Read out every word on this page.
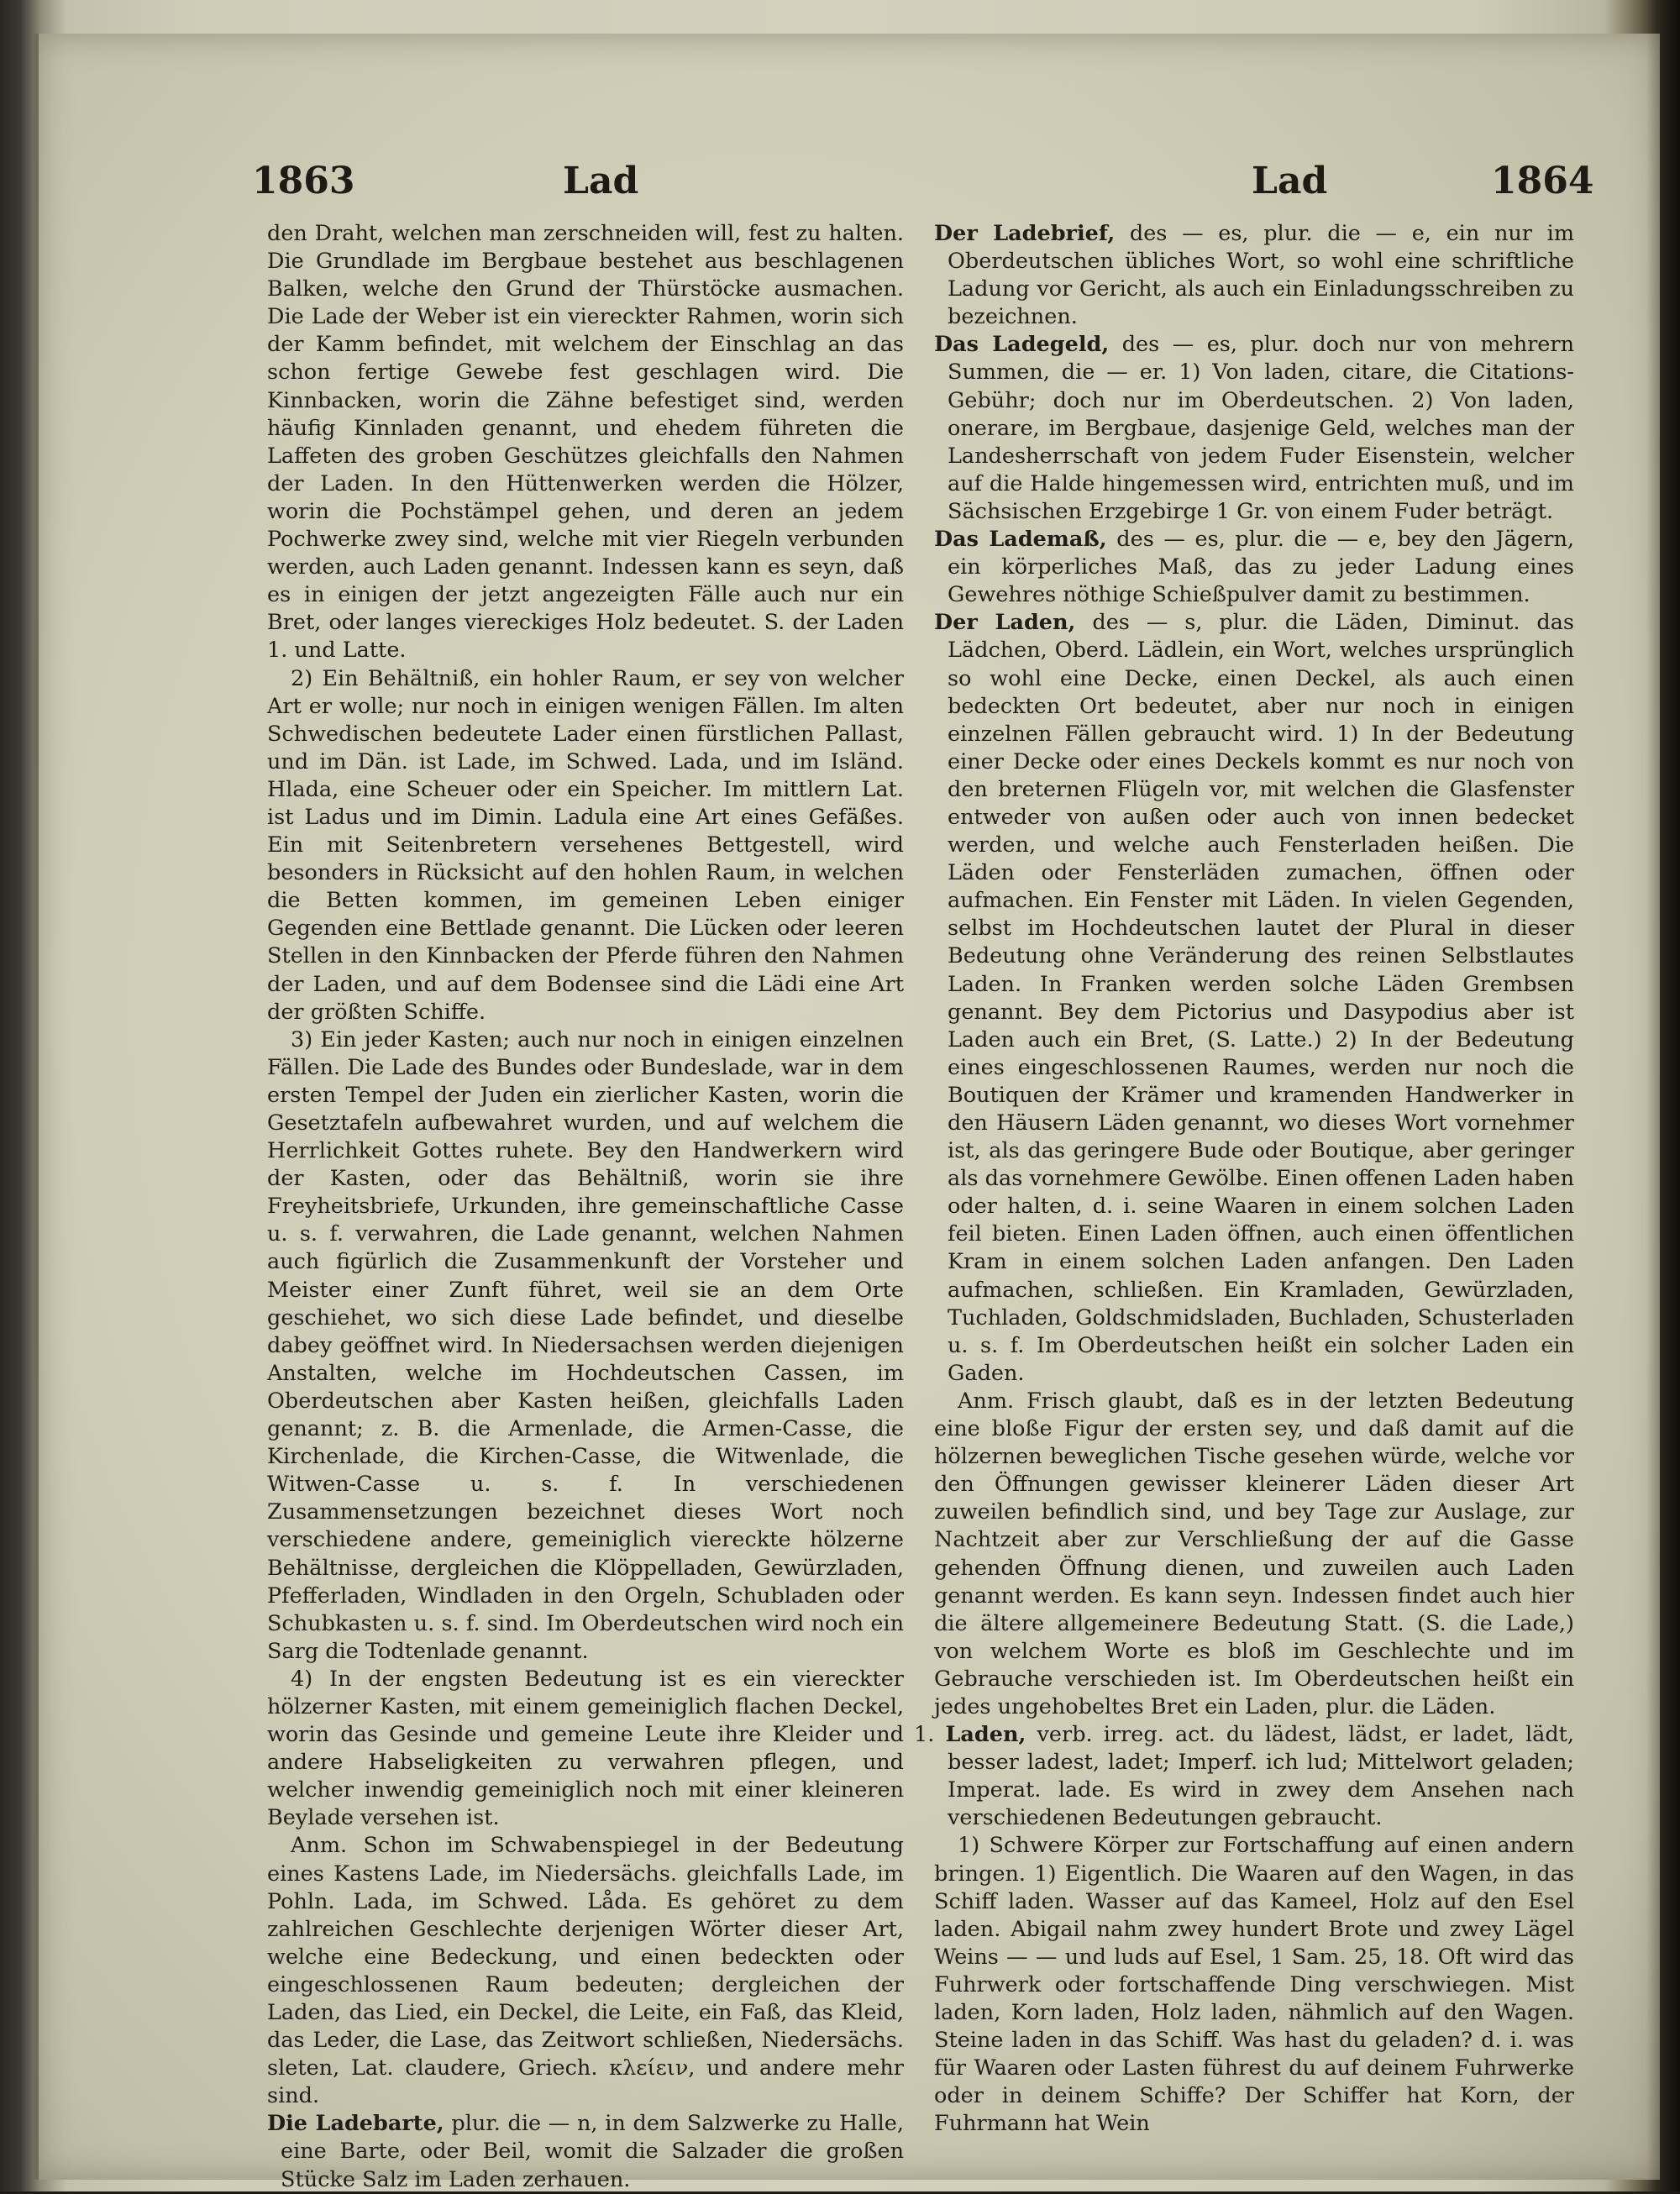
1863	Lad	Lad	1864

den Draht, welchen man zerschneiden will, fest zu halten. Die Grundlade im Bergbaue bestehet aus beschlagenen Balken, welche den Grund der Thürstöcke ausmachen. Die Lade der Weber ist ein viereckter Rahmen, worin sich der Kamm befindet, mit welchem der Einschlag an das schon fertige Gewebe fest geschlagen wird. Die Kinnbacken, worin die Zähne befestiget sind, werden häufig Kinnladen genannt, und ehedem führeten die Laffeten des groben Geschützes gleichfalls den Nahmen der Laden. In den Hüttenwerken werden die Hölzer, worin die Pochstämpel gehen, und deren an jedem Pochwerke zwey sind, welche mit vier Riegeln verbunden werden, auch Laden genannt. Indessen kann es seyn, daß es in einigen der jetzt angezeigten Fälle auch nur ein Bret, oder langes viereckiges Holz bedeutet. S. der Laden 1. und Latte.

2) Ein Behältniß, ein hohler Raum, er sey von welcher Art er wolle; nur noch in einigen wenigen Fällen. Im alten Schwedischen bedeutete Lader einen fürstlichen Pallast, und im Dän. ist Lade, im Schwed. Lada, und im Isländ. Hlada, eine Scheuer oder ein Speicher. Im mittlern Lat. ist Ladus und im Dimin. Ladula eine Art eines Gefäßes. Ein mit Seitenbretern versehenes Bettgestell, wird besonders in Rücksicht auf den hohlen Raum, in welchen die Betten kommen, im gemeinen Leben einiger Gegenden eine Bettlade genannt. Die Lücken oder leeren Stellen in den Kinnbacken der Pferde führen den Nahmen der Laden, und auf dem Bodensee sind die Lädi eine Art der größten Schiffe.

3) Ein jeder Kasten; auch nur noch in einigen einzelnen Fällen. Die Lade des Bundes oder Bundeslade, war in dem ersten Tempel der Juden ein zierlicher Kasten, worin die Gesetztafeln aufbewahret wurden, und auf welchem die Herrlichkeit Gottes ruhete. Bey den Handwerkern wird der Kasten, oder das Behältniß, worin sie ihre Freyheitsbriefe, Urkunden, ihre gemeinschaftliche Casse u. s. f. verwahren, die Lade genannt, welchen Nahmen auch figürlich die Zusammenkunft der Vorsteher und Meister einer Zunft führet, weil sie an dem Orte geschiehet, wo sich diese Lade befindet, und dieselbe dabey geöffnet wird. In Niedersachsen werden diejenigen Anstalten, welche im Hochdeutschen Cassen, im Oberdeutschen aber Kasten heißen, gleichfalls Laden genannt; z. B. die Armenlade, die Armen-Casse, die Kirchenlade, die Kirchen-Casse, die Witwenlade, die Witwen-Casse u. s. f. In verschiedenen Zusammensetzungen bezeichnet dieses Wort noch verschiedene andere, gemeiniglich viereckte hölzerne Behältnisse, dergleichen die Klöppelladen, Gewürzladen, Pfefferladen, Windladen in den Orgeln, Schubladen oder Schubkasten u. s. f. sind. Im Oberdeutschen wird noch ein Sarg die Todtenlade genannt.

4) In der engsten Bedeutung ist es ein viereckter hölzerner Kasten, mit einem gemeiniglich flachen Deckel, worin das Gesinde und gemeine Leute ihre Kleider und andere Habseligkeiten zu verwahren pflegen, und welcher inwendig gemeiniglich noch mit einer kleineren Beylade versehen ist.

Anm. Schon im Schwabenspiegel in der Bedeutung eines Kastens Lade, im Niedersächs. gleichfalls Lade, im Pohln. Lada, im Schwed. Låda. Es gehöret zu dem zahlreichen Geschlechte derjenigen Wörter dieser Art, welche eine Bedeckung, und einen bedeckten oder eingeschlossenen Raum bedeuten; dergleichen der Laden, das Lied, ein Deckel, die Leite, ein Faß, das Kleid, das Leder, die Lase, das Zeitwort schließen, Niedersächs. sleten, Lat. claudere, Griech. κλείειν, und andere mehr sind.

Die Ladebarte, plur. die — n, in dem Salzwerke zu Halle, eine Barte, oder Beil, womit die Salzader die großen Stücke Salz im Laden zerhauen.

Der Ladebrief, des — es, plur. die — e, ein nur im Oberdeutschen übliches Wort, so wohl eine schriftliche Ladung vor Gericht, als auch ein Einladungsschreiben zu bezeichnen.

Das Ladegeld, des — es, plur. doch nur von mehrern Summen, die — er. 1) Von laden, citare, die Citations-Gebühr; doch nur im Oberdeutschen. 2) Von laden, onerare, im Bergbaue, dasjenige Geld, welches man der Landesherrschaft von jedem Fuder Eisenstein, welcher auf die Halde hingemessen wird, entrichten muß, und im Sächsischen Erzgebirge 1 Gr. von einem Fuder beträgt.

Das Lademaß, des — es, plur. die — e, bey den Jägern, ein körperliches Maß, das zu jeder Ladung eines Gewehres nöthige Schießpulver damit zu bestimmen.

Der Laden, des — s, plur. die Läden, Diminut. das Lädchen, Oberd. Lädlein, ein Wort, welches ursprünglich so wohl eine Decke, einen Deckel, als auch einen bedeckten Ort bedeutet, aber nur noch in einigen einzelnen Fällen gebraucht wird. 1) In der Bedeutung einer Decke oder eines Deckels kommt es nur noch von den breternen Flügeln vor, mit welchen die Glasfenster entweder von außen oder auch von innen bedecket werden, und welche auch Fensterladen heißen. Die Läden oder Fensterläden zumachen, öffnen oder aufmachen. Ein Fenster mit Läden. In vielen Gegenden, selbst im Hochdeutschen lautet der Plural in dieser Bedeutung ohne Veränderung des reinen Selbstlautes Laden. In Franken werden solche Läden Grembsen genannt. Bey dem Pictorius und Dasypodius aber ist Laden auch ein Bret, (S. Latte.) 2) In der Bedeutung eines eingeschlossenen Raumes, werden nur noch die Boutiquen der Krämer und kramenden Handwerker in den Häusern Läden genannt, wo dieses Wort vornehmer ist, als das geringere Bude oder Boutique, aber geringer als das vornehmere Gewölbe. Einen offenen Laden haben oder halten, d. i. seine Waaren in einem solchen Laden feil bieten. Einen Laden öffnen, auch einen öffentlichen Kram in einem solchen Laden anfangen. Den Laden aufmachen, schließen. Ein Kramladen, Gewürzladen, Tuchladen, Goldschmidsladen, Buchladen, Schusterladen u. s. f. Im Oberdeutschen heißt ein solcher Laden ein Gaden.

Anm. Frisch glaubt, daß es in der letzten Bedeutung eine bloße Figur der ersten sey, und daß damit auf die hölzernen beweglichen Tische gesehen würde, welche vor den Öffnungen gewisser kleinerer Läden dieser Art zuweilen befindlich sind, und bey Tage zur Auslage, zur Nachtzeit aber zur Verschließung der auf die Gasse gehenden Öffnung dienen, und zuweilen auch Laden genannt werden. Es kann seyn. Indessen findet auch hier die ältere allgemeinere Bedeutung Statt. (S. die Lade,) von welchem Worte es bloß im Geschlechte und im Gebrauche verschieden ist. Im Oberdeutschen heißt ein jedes ungehobeltes Bret ein Laden, plur. die Läden.

1. Laden, verb. irreg. act. du lädest, lädst, er ladet, lädt, besser ladest, ladet; Imperf. ich lud; Mittelwort geladen; Imperat. lade. Es wird in zwey dem Ansehen nach verschiedenen Bedeutungen gebraucht.

1) Schwere Körper zur Fortschaffung auf einen andern bringen. 1) Eigentlich. Die Waaren auf den Wagen, in das Schiff laden. Wasser auf das Kameel, Holz auf den Esel laden. Abigail nahm zwey hundert Brote und zwey Lägel Weins — — und luds auf Esel, 1 Sam. 25, 18. Oft wird das Fuhrwerk oder fortschaffende Ding verschwiegen. Mist laden, Korn laden, Holz laden, nähmlich auf den Wagen. Steine laden in das Schiff. Was hast du geladen? d. i. was für Waaren oder Lasten führest du auf deinem Fuhrwerke oder in deinem Schiffe? Der Schiffer hat Korn, der Fuhrmann hat Wein
